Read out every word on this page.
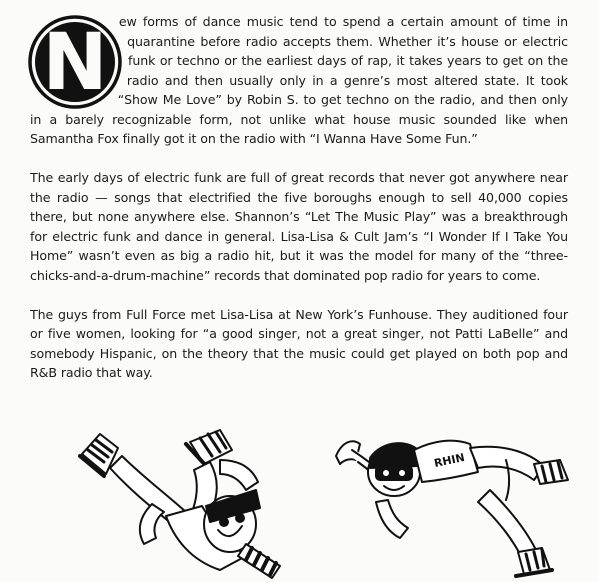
N ew forms of dance music tend to spend a certain amount of time in quarantine before radio accepts them. Whether it’s house or electric funk or techno or the earliest days of rap, it takes years to get on the radio and then usually only in a genre’s most altered state. It took “Show Me Love” by Robin S. to get techno on the radio, and then only in a barely recognizable form, not unlike what house music sounded like when Samantha Fox finally got it on the radio with “I Wanna Have Some Fun.”

The early days of electric funk are full of great records that never got anywhere near the radio — songs that electrified the five boroughs enough to sell 40,000 copies there, but none anywhere else. Shannon’s “Let The Music Play” was a breakthrough for electric funk and dance in general. Lisa-Lisa & Cult Jam’s “I Wonder If I Take You Home” wasn’t even as big a radio hit, but it was the model for many of the “three-chicks-and-a-drum-machine” records that dominated pop radio for years to come.

The guys from Full Force met Lisa-Lisa at New York’s Funhouse. They auditioned four or five women, looking for “a good singer, not a great singer, not Patti LaBelle” and somebody Hispanic, on the theory that the music could get played on both pop and R&B radio that way.

RHIN
